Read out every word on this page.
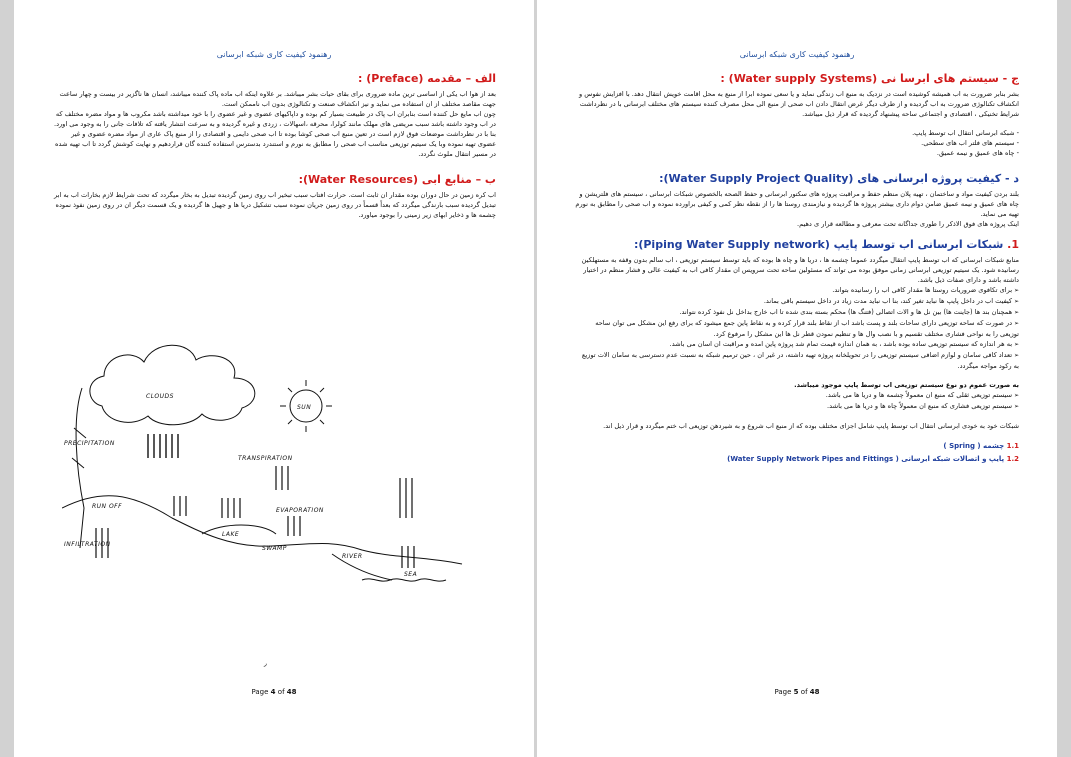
رهنمود کیفیت کاری شبکه ابرسانی
الف – مقدمه (Preface) :

بعد از هوا اب یکی از اساسی ترین ماده ضروری برای بقای حیات بشر میباشد. بر علاوه اینکه اب ماده پاک کننده میباشد، انسان ها ناگزیر در بیست و چهار ساعت جهت مقاصد مختلف از ان استفاده می نماید و نیز انکشاف صنعت و تکنالوژی بدون اب ناممکن است.

چون اب مایع حل کننده است بنابران اب پاک در طبیعت بسیار کم بوده و داپاکیهای عضوی و غیر عضوی را با خود میداشته باشد مکروب ها و مواد مضره مختلف که در اب وجود داشته باشد سبب مریضی های مهلک مانند کولرا، محرقه ،اسهالات ، زردی و غیره گردیده و به سرعت انتشار یافته که تلافات جانی را به وجود می اورد.

بنا با در نظرداشت موضعات فوق لازم است در تعین منبع اب صحی کوشا بوده تا اب صحی دایمی و اقتصادی را از منبع پاک عاری از مواد مضره عضوی و غیر عضوی تهیه نموده وبا یک سیتیم توزیعی مناسب اب صحی را مطابق به نورم و استندرد بدسترس استفاده کننده گان قراردهیم و نهایت کوشش گردد تا اب تهیه شده در مسیر انتقال ملوث نگردد.

ب – منابع ابی (Water Resources):

اب کره زمین در حال دوران بوده مقدار ان ثابت است. حرارت افتاب سبب تبخیر اب روی زمین گردیده تبدیل به بخار میگردد که تحت شرایط لازم بخارات اب به ابر تبدیل گردیده سبب بارندگی میگردد که بعداً قسماً در روی زمین جریان نموده سبب تشکیل دریا ها و جهیل ها گردیده و یک قسمت دیگر ان در روی زمین نفوذ نموده چشمه ها و ذخایر ابهای زیر زمینی را بوجود میاورد.

CLOUDS
SUN
PRECIPITATION
TRANSPIRATION
RUN OFF
EVAPORATION
LAKE
INFILTRATION
SWAMP
RIVER
SEA
ر
Page 4 of 48
رهنمود کیفیت کاری شبکه ابرسانی
ج - سیستم های ابرسا نی (Water supply Systems) :

بشر بنابر ضرورت به اب همیشه کوشیده است در نزدیک به منبع اب زندگی نماید و یا سعی نموده ابرا از منبع به محل اقامت خویش انتقال دهد. با افزایش نفوس و انکشاف تکنالوژی ضرورت به اب گردیده و از طرف دیگر غرض انتقال دادن اب صحی از منبع الی محل مصرف کننده سیستم های مختلف ابرسانی با در نظرداشت شرایط تخنیکی ، اقتصادی و اجتماعی ساحه پیشنهاد گردیده که قرار ذیل میباشد.

- شبکه ابرسانی انتقال اب توسط پایپ.
- سیستم های فلتر اب های سطحی.
- چاه های عمیق و نیمه عمیق.
د - کیفیت پروژه ابرسانی های (Water Supply Project Quality):

بلند بردن کیفیت مواد و ساختمان ، تهیه پلان منظم حفظ و مراقبت پروژه های سکتور ابرسانی و حفظ الصحه بالخصوص شبکات ابرسانی ، سیستم های فلتریشن و چاه های عمیق و نیمه عمیق ضامن دوام داری بیشتر پروژه ها گردیده و نیازمندی روستا ها را از نقطه نظر کمی و کیفی براورده نموده و اب صحی را مطابق به نورم تهیه می نماید.

اینک پروژه های فوق الاذکر را طوری جداگانه تحت معرفی و مطالعه قرار ی دهیم.

1. شبکات ابرسانی اب توسط پایپ (Piping Water Supply network):

منابع شبکات ابرسانی که اب توسط پایپ انتقال میگردد عموما چشمه ها ، دریا ها و چاه ها بوده که باید توسط سیستم توزیعی ، اب سالم بدون وقفه به مستهلکین رسانیده شود. یک سیتیم توزیعی ابرسانی زمانی موفق بوده می تواند که مسئولین ساحه تحت سرویس ان مقدار کافی اب به کیفیت عالی و فشار منظم در اختیار داشته باشد و دارای صفات ذیل باشد.

➢ برای تکافوی ضروریات روستا ها مقدار کافی اب را رسانیده بتواند.
➢ کیفیت اب در داخل پایپ ها نباید تغیر کند، بنا اب نباید مدت زیاد در داخل سیستم باقی بماند.
➢ همچنان بند ها (جاینت ها) بین نل ها و الات اتصالی (فتنگ ها) محکم بسته بندی شده تا اب خارج بداخل نل نفوذ کرده نتواند.
➢ در صورت که ساحه توزیعی دارای ساحات بلند و پست باشد اب از نقاط بلند قرار کرده و به نقاط پاین جمع میشود که برای رفع این مشکل می توان ساحه توزیعی را به نواحی فشاری مختلف تقسیم و با نصب وال ها و تنظیم نمودن قطر نل ها این مشکل را مرفوع کرد.
➢ به هر اندازه که سیستم توزیعی ساده بوده باشد ، به همان اندازه قیمت تمام شد پروژه پاین امده و مراقبت ان اسان می باشد.
➢ تعداد کافی سامان و لوازم اضافی سیستم توزیعی را در تحویلخانه پروژه تهیه داشته، در غیر ان ، حین ترمیم شبکه به نسبت عدم دسترسی به سامان الات توزیع به رکود مواجه میگردد.

به صورت عموم دو نوع سیستم توزیعی اب توسط پایپ موجود میباشد.

➢ سیستم توزیعی ثقلی که منبع ان معمولاً چشمه ها و دریا ها می باشد.
➢ سیستم توزیعی فشاری که منبع ان معمولاً چاه ها و دریا ها می باشد.

شبکات خود به خودی ابرسانی انتقال اب توسط پایپ شامل اجزای مختلف بوده که از منبع اب شروع و به شیردهن توزیعی اب ختم میگردد و قرار ذیل اند.

1.1 چشمه ( Spring )
1.2 پایپ و اتصالات شبکه ابرسانی ( Water Supply Network Pipes and Fittings)
Page 5 of 48
